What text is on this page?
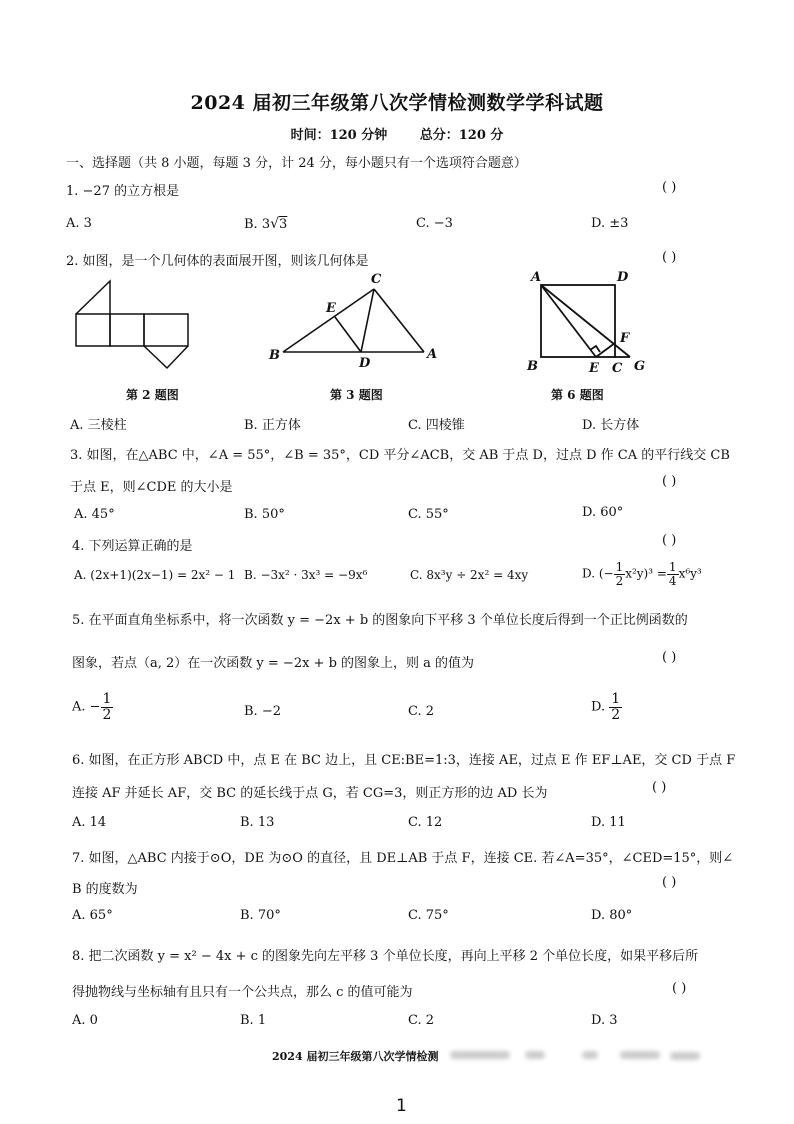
2024 届初三年级第八次学情检测数学学科试题
时间：120 分钟	总分：120 分
一、选择题（共 8 小题，每题 3 分，计 24 分，每小题只有一个选项符合题意）
1. −27 的立方根是	( )
A. 3	B. 3√3	C. −3	D. ±3
2. 如图，是一个几何体的表面展开图，则该几何体是	( )
C
E
B
D
A
A	D
F
B	E C G
第 2 题图	第 3 题图	第 6 题图
A. 三棱柱	B. 正方体	C. 四棱锥	D. 长方体
3. 如图，在△ABC 中，∠A = 55°，∠B = 35°，CD 平分∠ACB，交 AB 于点 D，过点 D 作 CA 的平行线交 CB
于点 E，则∠CDE 的大小是	( )
A. 45°	B. 50°	C. 55°	D. 60°
4. 下列运算正确的是	( )
A. (2x+1)(2x−1) = 2x² − 1 B. −3x² · 3x³ = −9x⁶	C. 8x³y ÷ 2x² = 4xy	D. (− $\frac{1}{2} x^2y)^3 = \frac{1}{4} x^6y^3$
5. 在平面直角坐标系中，将一次函数 y = −2x + b 的图象向下平移 3 个单位长度后得到一个正比例函数的
图象，若点（a, 2）在一次函数 y = −2x + b 的图象上，则 a 的值为	( )
A. − $\frac{1}{2}$	B. −2	C. 2	D. $\frac{1}{2}$
6. 如图，在正方形 ABCD 中，点 E 在 BC 边上，且 CE:BE=1:3，连接 AE，过点 E 作 EF⊥AE，交 CD 于点 F
连接 AF 并延长 AF，交 BC 的延长线于点 G，若 CG=3，则正方形的边 AD 长为	( )
A. 14	B. 13	C. 12	D. 11
7. 如图，△ABC 内接于⊙O，DE 为⊙O 的直径，且 DE⊥AB 于点 F，连接 CE. 若∠A=35°，∠CED=15°，则∠
B 的度数为	( )
A. 65°	B. 70°	C. 75°	D. 80°
8. 把二次函数 y = x² − 4x + c 的图象先向左平移 3 个单位长度，再向上平移 2 个单位长度，如果平移后所
得抛物线与坐标轴有且只有一个公共点，那么 c 的值可能为	( )
A. 0	B. 1	C. 2	D. 3
2024 届初三年级第八次学情检测
1
